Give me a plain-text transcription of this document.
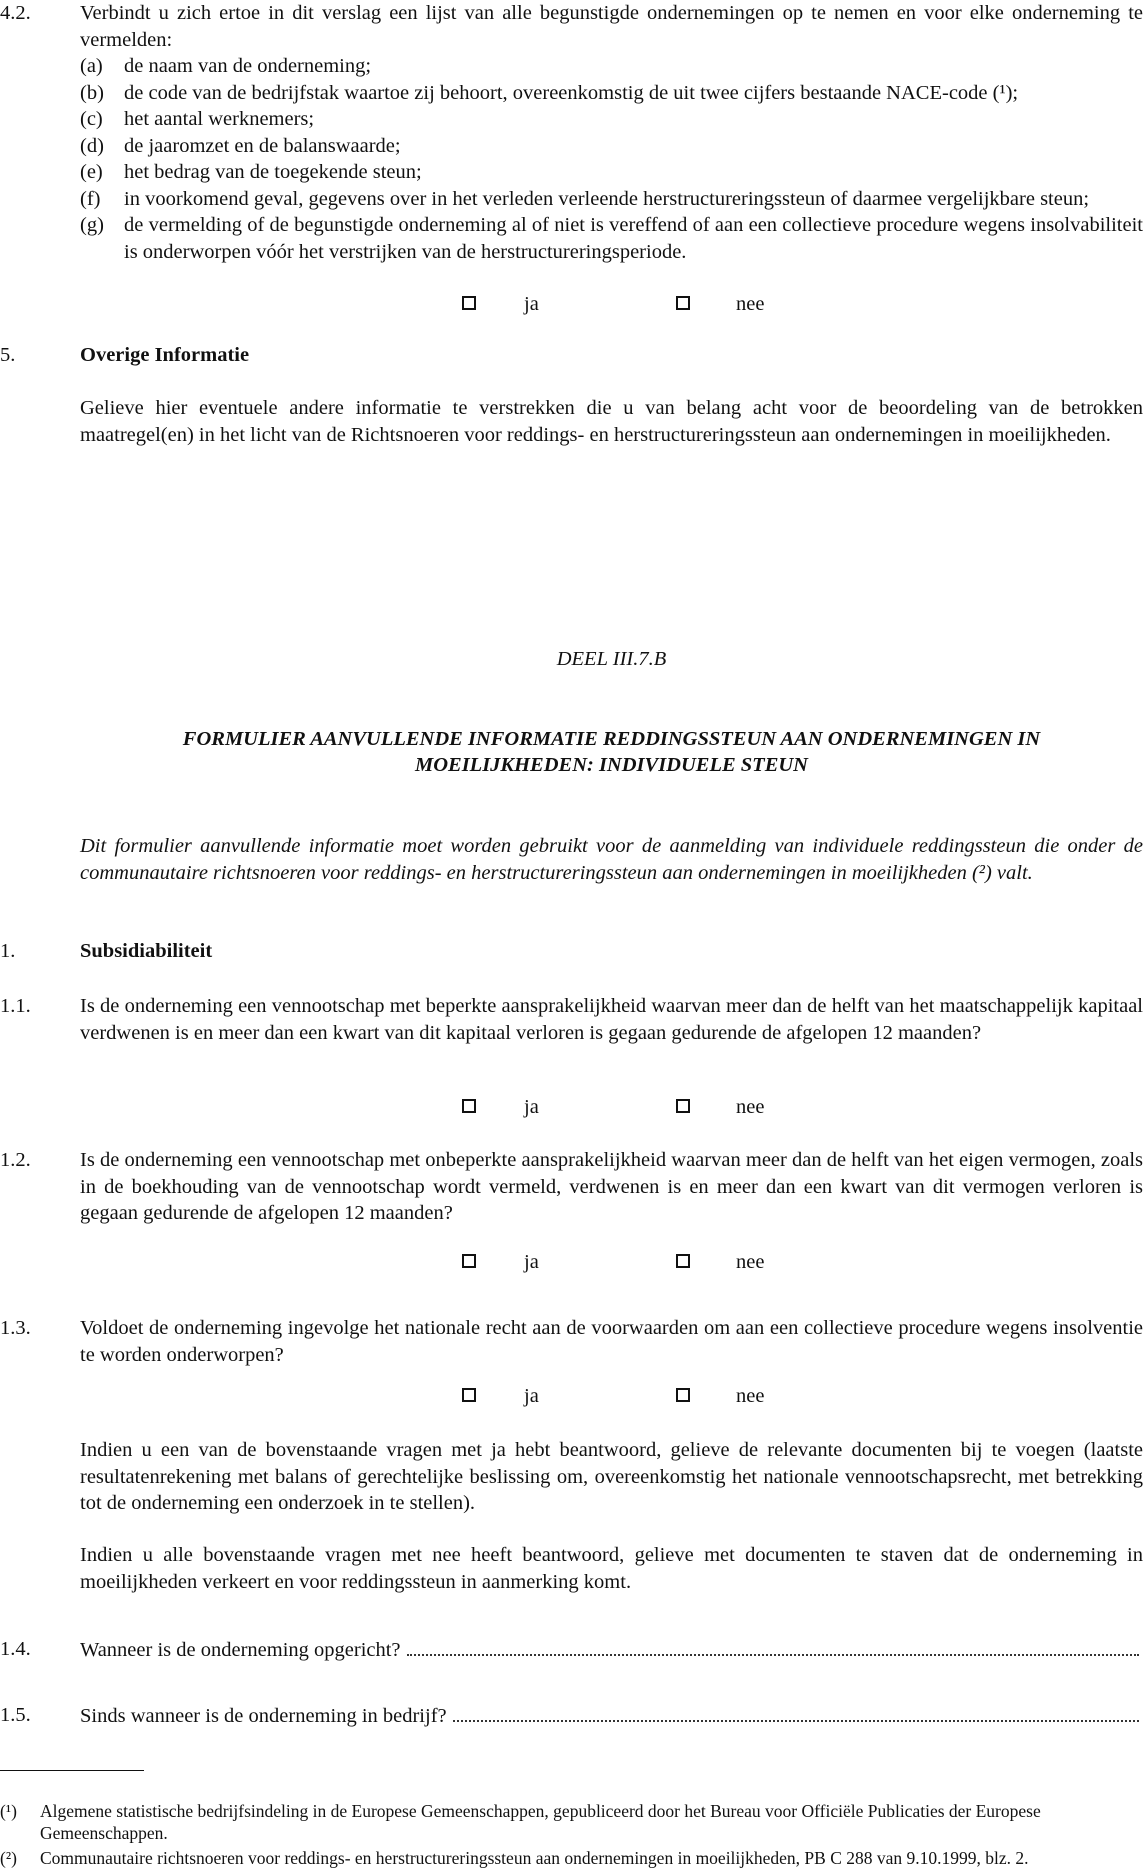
4.2. Verbindt u zich ertoe in dit verslag een lijst van alle begunstigde ondernemingen op te nemen en voor elke onderneming te vermelden:
(a) de naam van de onderneming;
(b) de code van de bedrijfstak waartoe zij behoort, overeenkomstig de uit twee cijfers bestaande NACE-code (¹);
(c) het aantal werknemers;
(d) de jaaromzet en de balanswaarde;
(e) het bedrag van de toegekende steun;
(f) in voorkomend geval, gegevens over in het verleden verleende herstructureringssteun of daarmee vergelijkbare steun;
(g) de vermelding of de begunstigde onderneming al of niet is vereffend of aan een collectieve procedure wegens insolvabiliteit is onderworpen vóór het verstrijken van de herstructureringsperiode.
ja	nee
5.	Overige Informatie
Gelieve hier eventuele andere informatie te verstrekken die u van belang acht voor de beoordeling van de betrokken maatregel(en) in het licht van de Richtsnoeren voor reddings- en herstructureringssteun aan ondernemingen in moeilijkheden.
DEEL III.7.B
FORMULIER AANVULLENDE INFORMATIE REDDINGSSTEUN AAN ONDERNEMINGEN IN
MOEILIJKHEDEN: INDIVIDUELE STEUN
Dit formulier aanvullende informatie moet worden gebruikt voor de aanmelding van individuele reddingssteun die onder de communautaire richtsnoeren voor reddings- en herstructureringssteun aan ondernemingen in moeilijkheden (²) valt.
1.	Subsidiabiliteit
1.1. Is de onderneming een vennootschap met beperkte aansprakelijkheid waarvan meer dan de helft van het maatschappelijk kapitaal verdwenen is en meer dan een kwart van dit kapitaal verloren is gegaan gedurende de afgelopen 12 maanden?
ja	nee
1.2. Is de onderneming een vennootschap met onbeperkte aansprakelijkheid waarvan meer dan de helft van het eigen vermogen, zoals in de boekhouding van de vennootschap wordt vermeld, verdwenen is en meer dan een kwart van dit vermogen verloren is gegaan gedurende de afgelopen 12 maanden?
ja	nee
1.3. Voldoet de onderneming ingevolge het nationale recht aan de voorwaarden om aan een collectieve procedure wegens insolventie te worden onderworpen?
ja	nee
Indien u een van de bovenstaande vragen met ja hebt beantwoord, gelieve de relevante documenten bij te voegen (laatste resultatenrekening met balans of gerechtelijke beslissing om, overeenkomstig het nationale vennootschapsrecht, met betrekking tot de onderneming een onderzoek in te stellen).
Indien u alle bovenstaande vragen met nee heeft beantwoord, gelieve met documenten te staven dat de onderneming in moeilijkheden verkeert en voor reddingssteun in aanmerking komt.
1.4. Wanneer is de onderneming opgericht?
1.5. Sinds wanneer is de onderneming in bedrijf?
(¹) Algemene statistische bedrijfsindeling in de Europese Gemeenschappen, gepubliceerd door het Bureau voor Officiële Publicaties der Europese Gemeenschappen.
(²) Communautaire richtsnoeren voor reddings- en herstructureringssteun aan ondernemingen in moeilijkheden, PB C 288 van 9.10.1999, blz. 2.
